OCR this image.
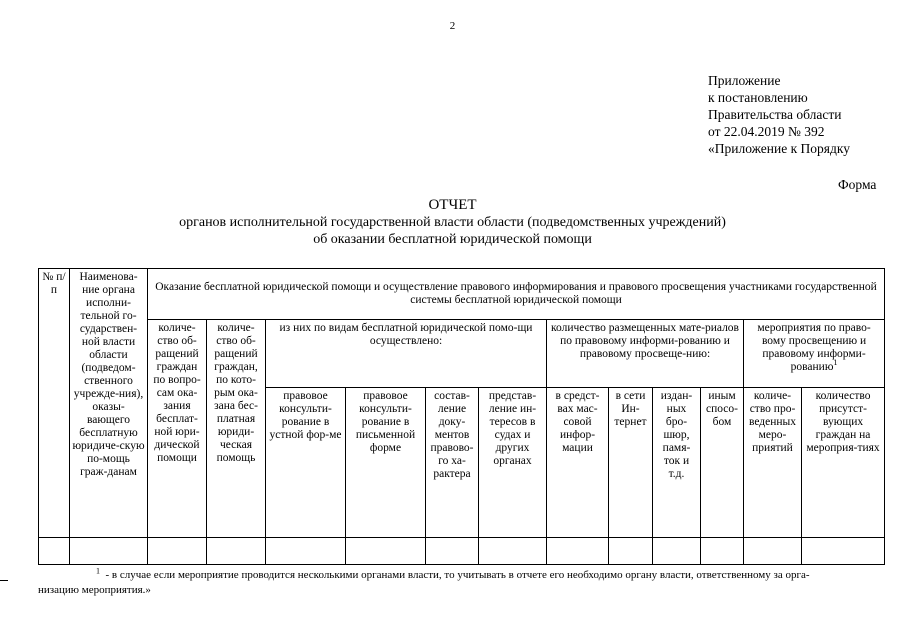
2
Приложение
к постановлению
Правительства области
от 22.04.2019 № 392
«Приложение к Порядку
Форма
ОТЧЕТ
органов исполнительной государственной власти области (подведомственных учреждений)
об оказании бесплатной юридической помощи
№ п/п	Наименова-ние органа исполни-тельной го-сударствен-ной власти области (подведом-ственного учрежде-ния), оказы-вающего бесплатную юридиче-скую по-мощь граж-данам	Оказание бесплатной юридической помощи и осуществление правового информирования и правового просвещения участниками государственной системы бесплатной юридической помощи											
		количе-ство об-ращений граждан по вопро-сам ока-зания бесплат-ной юри-дической помощи	количе-ство об-ращений граждан, по кото-рым ока-зана бес-платная юриди-ческая помощь	из них по видам бесплатной юридической помо-щи осуществлено:				количество размещенных мате-риалов по правовому информи-рованию и правовому просвеще-нию:				мероприятия по право-вому просвещению и правовому информи-рованию$^1$
				правовое консульти-рование в устной фор-ме	правовое консульти-рование в письменной форме	состав-ление доку-ментов правово-го ха-рактера	представ-ление ин-тересов в судах и других органах	в средст-вах мас-совой инфор-мации	в сети Ин-тернет	издан-ных бро-шюр, памя-ток и т.д.	иным спосо-бом	количе-ство про-веденных меро-приятий	количество присутст-вующих граждан на мероприя-тиях

$^1$ - в случае если мероприятие проводится несколькими органами власти, то учитывать в отчете его необходимо органу власти, ответственному за орга-
низацию мероприятия.»
